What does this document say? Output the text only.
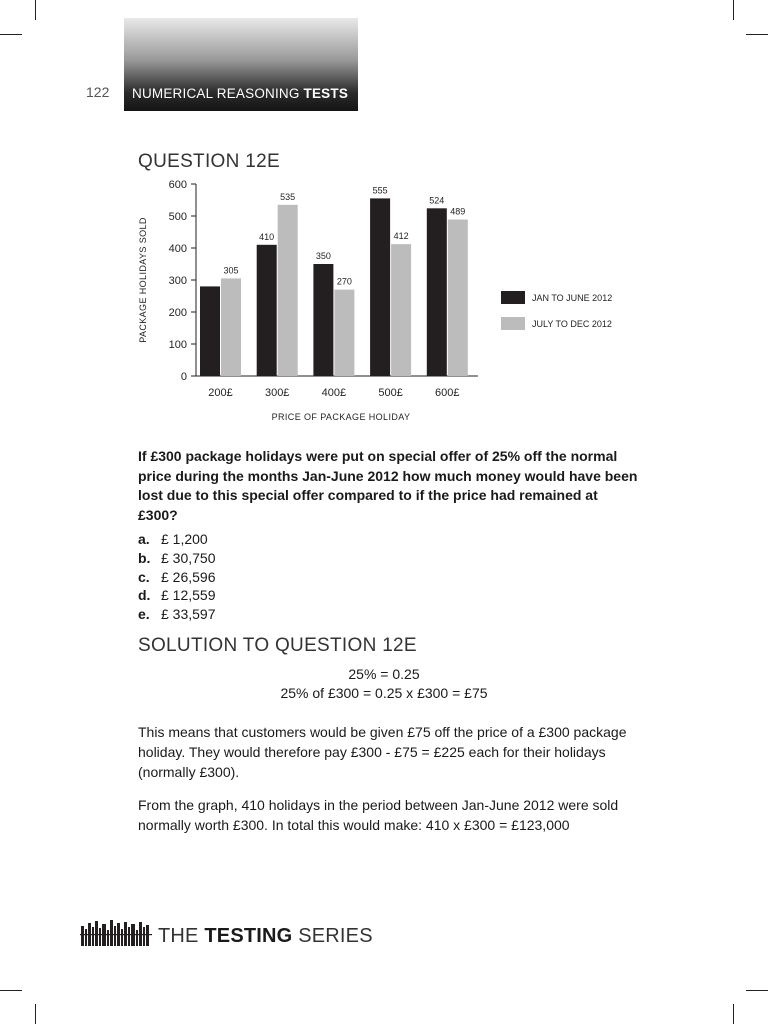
122 NUMERICAL REASONING TESTS
QUESTION 12E
0
100
200
300
400
500
600
280
305
200£
410
535
300£
350
270
400£
555
412
500£
524
489
600£
PRICE OF PACKAGE HOLIDAY
PACKAGE HOLIDAYS SOLD	JAN TO JUNE 2012
JULY TO DEC 2012
If £300 package holidays were put on special offer of 25% off the normal price during the months Jan-June 2012 how much money would have been lost due to this special offer compared to if the price had remained at £300?
a. £ 1,200
b. £ 30,750
c. £ 26,596
d. £ 12,559
e. £ 33,597
SOLUTION TO QUESTION 12E
25% = 0.25
25% of £300 = 0.25 x £300 = £75
This means that customers would be given £75 off the price of a £300 package holiday. They would therefore pay £300 - £75 = £225 each for their holidays (normally £300).
From the graph, 410 holidays in the period between Jan-June 2012 were sold normally worth £300. In total this would make: 410 x £300 = £123,000
THE TESTING SERIES
